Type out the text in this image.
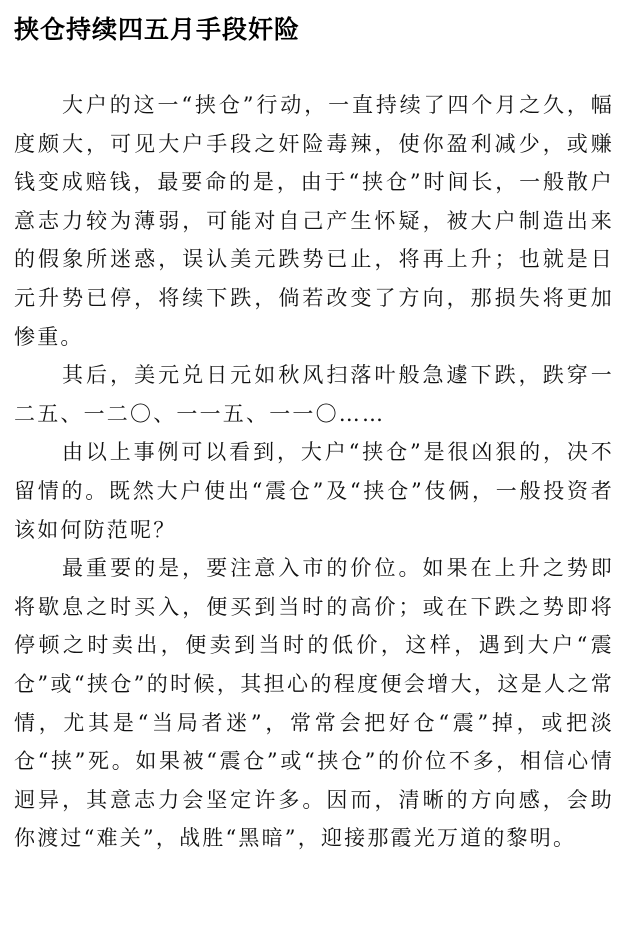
挟仓持续四五月手段奸险

大户的这一“挟仓”行动，一直持续了四个月之久，幅度颇大，可见大户手段之奸险毒辣，使你盈利减少，或赚钱变成赔钱，最要命的是，由于“挟仓”时间长，一般散户意志力较为薄弱，可能对自己产生怀疑，被大户制造出来的假象所迷惑，误认美元跌势已止，将再上升；也就是日元升势已停，将续下跌，倘若改变了方向，那损失将更加惨重。

其后，美元兑日元如秋风扫落叶般急遽下跌，跌穿一二五、一二〇、一一五、一一〇……

由以上事例可以看到，大户“挟仓”是很凶狠的，决不留情的。既然大户使出“震仓”及“挟仓”伎俩，一般投资者该如何防范呢？

最重要的是，要注意入市的价位。如果在上升之势即将歇息之时买入，便买到当时的高价；或在下跌之势即将停顿之时卖出，便卖到当时的低价，这样，遇到大户“震仓”或“挟仓”的时候，其担心的程度便会增大，这是人之常情，尤其是“当局者迷”，常常会把好仓“震”掉，或把淡仓“挟”死。如果被“震仓”或“挟仓”的价位不多，相信心情迥异，其意志力会坚定许多。因而，清晰的方向感，会助你渡过“难关”，战胜“黑暗”，迎接那霞光万道的黎明。
